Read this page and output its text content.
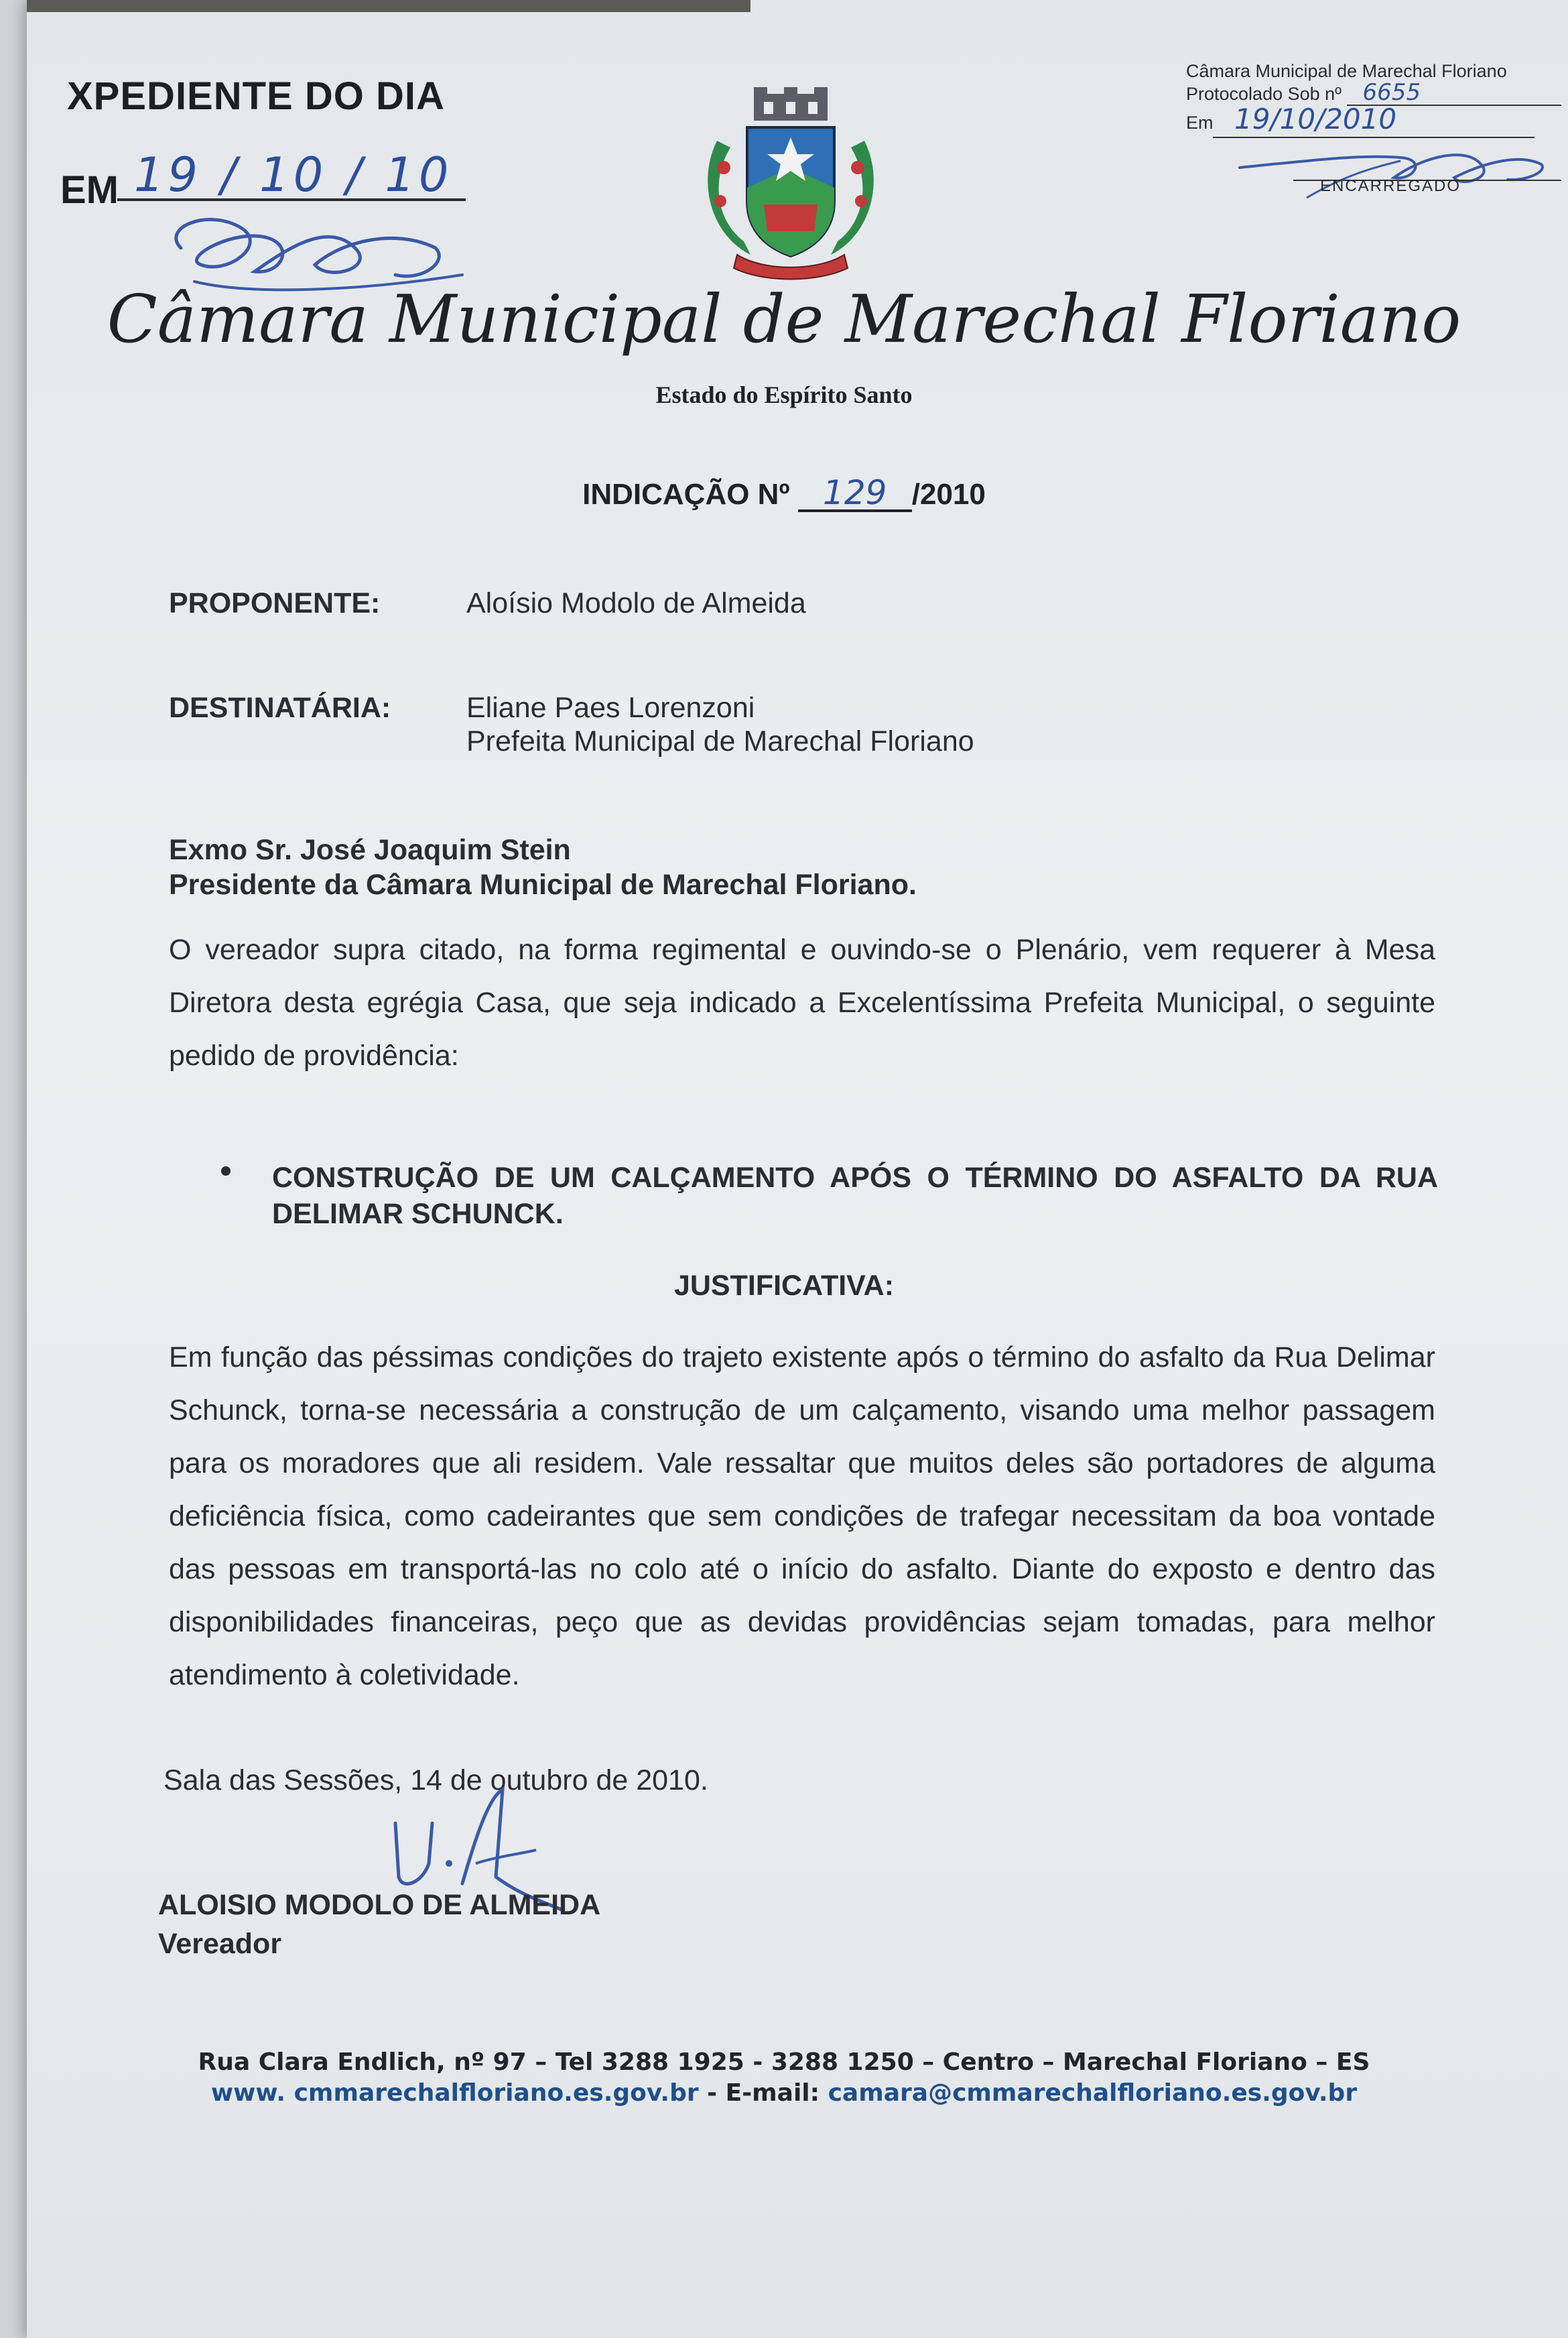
XPEDIENTE DO DIA
EM 19 / 10 / 10
Câmara Municipal de Marechal Floriano
Protocolado Sob nº 6655
Em 19/10/2010
ENCARREGADO
Câmara Municipal de Marechal Floriano
Estado do Espírito Santo
INDICAÇÃO Nº 129 /2010
PROPONENTE:	Aloísio Modolo de Almeida
DESTINATÁRIA:	Eliane Paes Lorenzoni
Prefeita Municipal de Marechal Floriano
Exmo Sr. José Joaquim Stein
Presidente da Câmara Municipal de Marechal Floriano.
O vereador supra citado, na forma regimental e ouvindo-se o Plenário, vem requerer à Mesa Diretora desta egrégia Casa, que seja indicado a Excelentíssima Prefeita Municipal, o seguinte pedido de providência:
CONSTRUÇÃO DE UM CALÇAMENTO APÓS O TÉRMINO DO ASFALTO DA RUA DELIMAR SCHUNCK.
JUSTIFICATIVA:
Em função das péssimas condições do trajeto existente após o término do asfalto da Rua Delimar Schunck, torna-se necessária a construção de um calçamento, visando uma melhor passagem para os moradores que ali residem. Vale ressaltar que muitos deles são portadores de alguma deficiência física, como cadeirantes que sem condições de trafegar necessitam da boa vontade das pessoas em transportá-las no colo até o início do asfalto. Diante do exposto e dentro das disponibilidades financeiras, peço que as devidas providências sejam tomadas, para melhor atendimento à coletividade.
Sala das Sessões, 14 de outubro de 2010.
ALOISIO MODOLO DE ALMEIDA
Vereador
Rua Clara Endlich, nº 97 – Tel 3288 1925 - 3288 1250 – Centro – Marechal Floriano – ES
www. cmmarechalfloriano.es.gov.br - E-mail: camara@cmmarechalfloriano.es.gov.br
